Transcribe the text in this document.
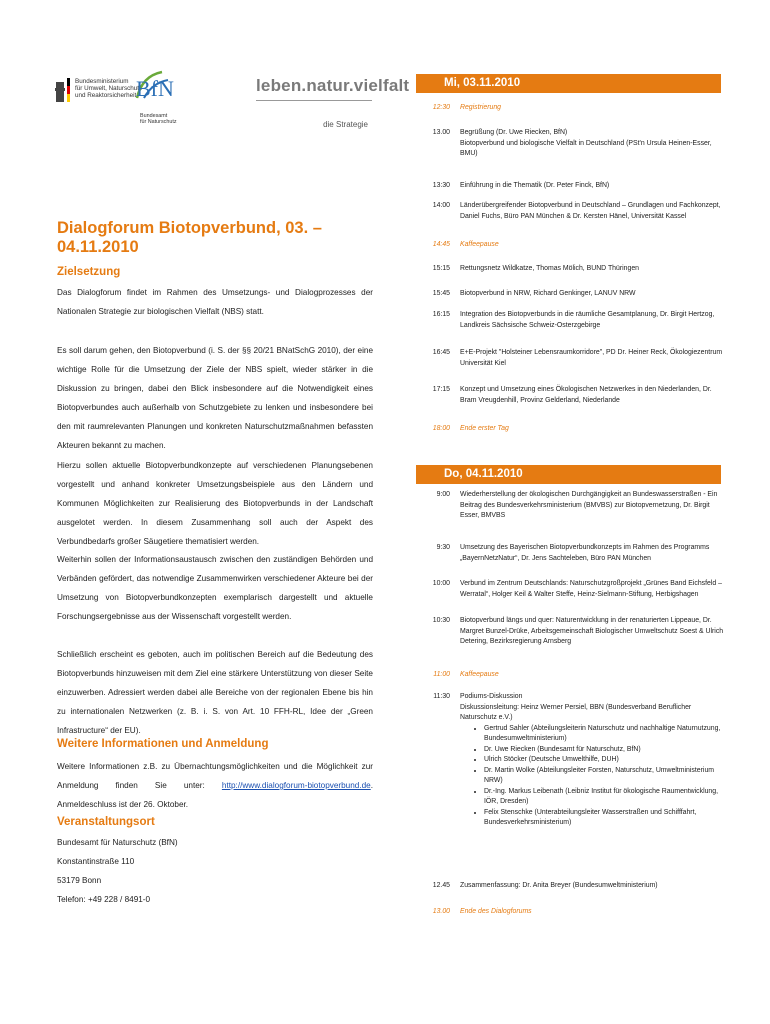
Bundesministerium
für Umwelt, Naturschutz
und Reaktorsicherheit BfN
Bundesamt
für Naturschutz
leben.natur.vielfalt
die Strategie
Dialogforum Biotopverbund, 03. – 04.11.2010
Zielsetzung
Das Dialogforum findet im Rahmen des Umsetzungs- und Dialogprozesses der Nationalen Strategie zur biologischen Vielfalt (NBS) statt.
Es soll darum gehen, den Biotopverbund (i. S. der §§ 20/21 BNatSchG 2010), der eine wichtige Rolle für die Umsetzung der Ziele der NBS spielt, wieder stärker in die Diskussion zu bringen, dabei den Blick insbesondere auf die Notwendigkeit eines Biotopverbundes auch außerhalb von Schutzgebiete zu lenken und insbesondere bei den mit raumrelevanten Planungen und konkreten Naturschutzmaßnahmen befassten Akteuren bekannt zu machen.
Hierzu sollen aktuelle Biotopverbundkonzepte auf verschiedenen Planungsebenen vorgestellt und anhand konkreter Umsetzungsbeispiele aus den Ländern und Kommunen Möglichkeiten zur Realisierung des Biotopverbunds in der Landschaft ausgelotet werden. In diesem Zusammenhang soll auch der Aspekt des Verbundbedarfs großer Säugetiere thematisiert werden.
Weiterhin sollen der Informationsaustausch zwischen den zuständigen Behörden und Verbänden gefördert, das notwendige Zusammenwirken verschiedener Akteure bei der Umsetzung von Biotopverbundkonzepten exemplarisch dargestellt und aktuelle Forschungsergebnisse aus der Wissenschaft vorgestellt werden.
Schließlich erscheint es geboten, auch im politischen Bereich auf die Bedeutung des Biotopverbunds hinzuweisen mit dem Ziel eine stärkere Unterstützung von dieser Seite einzuwerben. Adressiert werden dabei alle Bereiche von der regionalen Ebene bis hin zu internationalen Netzwerken (z. B. i. S. von Art. 10 FFH-RL, Idee der „Green Infrastructure“ der EU).
Weitere Informationen und Anmeldung
Weitere Informationen z.B. zu Übernachtungsmöglichkeiten und die Möglichkeit zur Anmeldung finden Sie unter: http://www.dialogforum-biotopverbund.de. Anmeldeschluss ist der 26. Oktober.
Veranstaltungsort
Bundesamt für Naturschutz (BfN)
Konstantinstraße 110
53179 Bonn
Telefon: +49 228 / 8491-0
Mi, 03.11.2010
12:30 Registrierung
13.00 Begrüßung (Dr. Uwe Riecken, BfN)
Biotopverbund und biologische Vielfalt in Deutschland (PSt'n Ursula Heinen-Esser, BMU)
13:30 Einführung in die Thematik (Dr. Peter Finck, BfN)
14:00 Länderübergreifender Biotopverbund in Deutschland – Grundlagen und Fachkonzept, Daniel Fuchs, Büro PAN München & Dr. Kersten Hänel, Universität Kassel
14:45 Kaffeepause
15:15 Rettungsnetz Wildkatze, Thomas Mölich, BUND Thüringen
15:45 Biotopverbund in NRW, Richard Genkinger, LANUV NRW
16:15 Integration des Biotopverbunds in die räumliche Gesamtplanung, Dr. Birgit Hertzog, Landkreis Sächsische Schweiz-Osterzgebirge
16:45 E+E-Projekt "Holsteiner Lebensraumkorridore", PD Dr. Heiner Reck, Ökologiezentrum Universität Kiel
17:15 Konzept und Umsetzung eines Ökologischen Netzwerkes in den Niederlanden, Dr. Bram Vreugdenhill, Provinz Gelderland, Niederlande
18:00 Ende erster Tag
Do, 04.11.2010
9:00 Wiederherstellung der ökologischen Durchgängigkeit an Bundeswasserstraßen - Ein Beitrag des Bundesverkehrsministerium (BMVBS) zur Biotopvernetzung, Dr. Birgit Esser, BMVBS
9:30 Umsetzung des Bayerischen Biotopverbundkonzepts im Rahmen des Programms „BayernNetzNatur“, Dr. Jens Sachteleben, Büro PAN München
10:00 Verbund im Zentrum Deutschlands: Naturschutzgroßprojekt „Grünes Band Eichsfeld – Werratal“, Holger Keil & Walter Steffe, Heinz-Sielmann-Stiftung, Herbigshagen
10:30 Biotopverbund längs und quer: Naturentwicklung in der renaturierten Lippeaue, Dr. Margret Bunzel-Drüke, Arbeitsgemeinschaft Biologischer Umweltschutz Soest & Ulrich Detering, Bezirksregierung Arnsberg
11:00 Kaffeepause
11:30 Podiums-Diskussion
Diskussionsleitung: Heinz Werner Persiel, BBN (Bundesverband Beruflicher Naturschutz e.V.)
• Gertrud Sahler (Abteilungsleiterin Naturschutz und nachhaltige Naturnutzung, Bundesumweltministerium)
• Dr. Uwe Riecken (Bundesamt für Naturschutz, BfN)
• Ulrich Stöcker (Deutsche Umwelthilfe, DUH)
• Dr. Martin Wolke (Abteilungsleiter Forsten, Naturschutz, Umweltministerium NRW)
• Dr.-Ing. Markus Leibenath (Leibniz Institut für ökologische Raumentwicklung, IÖR, Dresden)
• Felix Stenschke (Unterabteilungsleiter Wasserstraßen und Schifffahrt, Bundesverkehrsministerium)
12.45 Zusammenfassung: Dr. Anita Breyer (Bundesumweltministerium)
13.00 Ende des Dialogforums
